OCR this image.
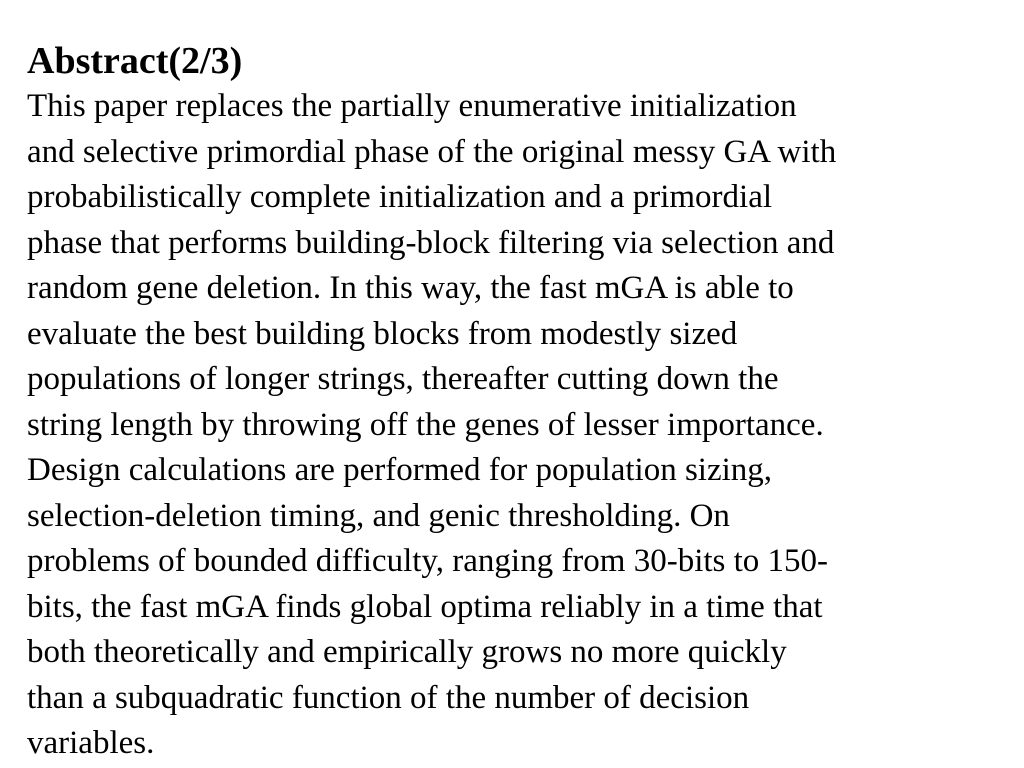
Abstract(2/3)
This paper replaces the partially enumerative initialization
and selective primordial phase of the original messy GA with
probabilistically complete initialization and a primordial
phase that performs building-block filtering via selection and
random gene deletion. In this way, the fast mGA is able to
evaluate the best building blocks from modestly sized
populations of longer strings, thereafter cutting down the
string length by throwing off the genes of lesser importance.
Design calculations are performed for population sizing,
selection-deletion timing, and genic thresholding. On
problems of bounded difficulty, ranging from 30-bits to 150-
bits, the fast mGA finds global optima reliably in a time that
both theoretically and empirically grows no more quickly
than a subquadratic function of the number of decision
variables.
